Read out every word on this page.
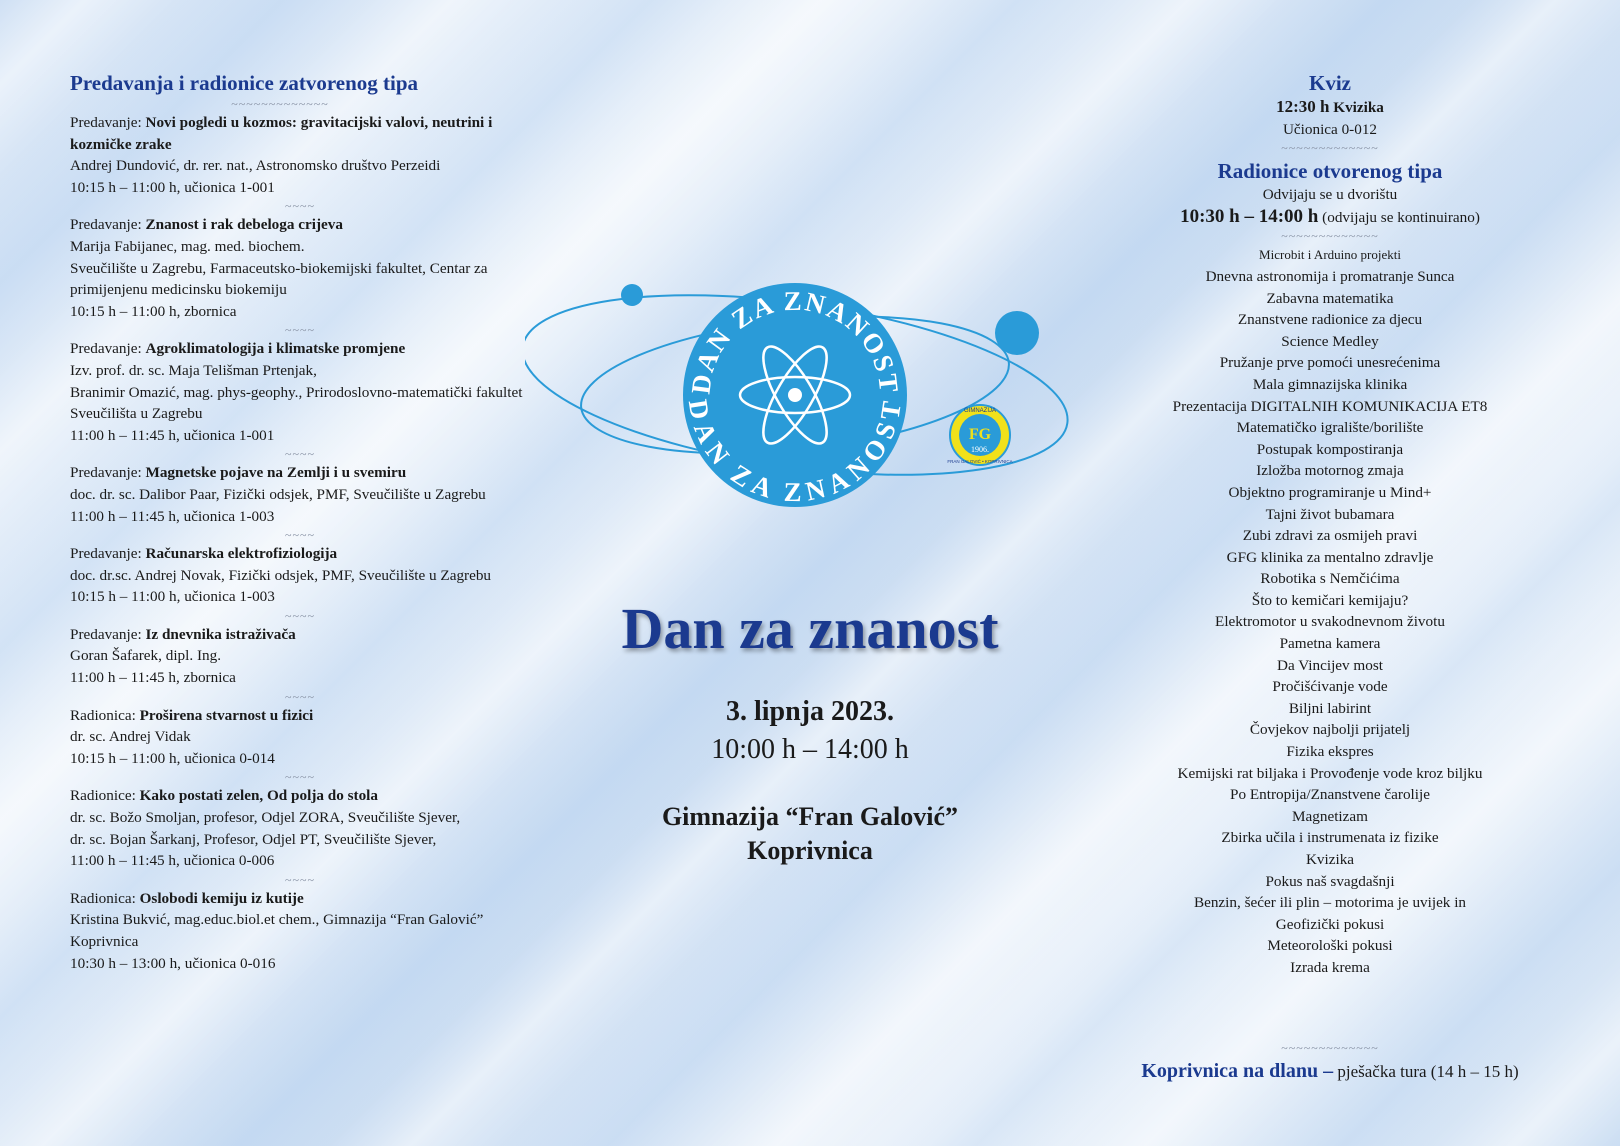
Predavanja i radionice zatvorenog tipa
~~~~~~~~~~~~~
Predavanje: Novi pogledi u kozmos: gravitacijski valovi, neutrini i kozmičke zrake
Andrej Dundović, dr. rer. nat., Astronomsko društvo Perzeidi
10:15 h – 11:00 h, učionica 1-001
~~~~
Predavanje: Znanost i rak debeloga crijeva
Marija Fabijanec, mag. med. biochem.
Sveučilište u Zagrebu, Farmaceutsko-biokemijski fakultet, Centar za primijenjenu medicinsku biokemiju
10:15 h – 11:00 h, zbornica
~~~~
Predavanje: Agroklimatologija i klimatske promjene
Izv. prof. dr. sc. Maja Telišman Prtenjak,
Branimir Omazić, mag. phys-geophy., Prirodoslovno-matematički fakultet Sveučilišta u Zagrebu
11:00 h – 11:45 h, učionica 1-001
~~~~
Predavanje: Magnetske pojave na Zemlji i u svemiru
doc. dr. sc. Dalibor Paar, Fizički odsjek, PMF, Sveučilište u Zagrebu
11:00 h – 11:45 h, učionica 1-003
~~~~
Predavanje: Računarska elektrofiziologija
doc. dr.sc. Andrej Novak, Fizički odsjek, PMF, Sveučilište u Zagrebu
10:15 h – 11:00 h, učionica 1-003
~~~~
Predavanje: Iz dnevnika istraživača
Goran Šafarek, dipl. Ing.
11:00 h – 11:45 h, zbornica
~~~~
Radionica: Proširena stvarnost u fizici
dr. sc. Andrej Vidak
10:15 h – 11:00 h, učionica 0-014
~~~~
Radionice: Kako postati zelen, Od polja do stola
dr. sc. Božo Smoljan, profesor, Odjel ZORA, Sveučilište Sjever,
dr. sc. Bojan Šarkanj, Profesor, Odjel PT, Sveučilište Sjever,
11:00 h – 11:45 h, učionica 0-006
~~~~
Radionica: Oslobodi kemiju iz kutije
Kristina Bukvić, mag.educ.biol.et chem., Gimnazija “Fran Galović” Koprivnica
10:30 h – 13:00 h, učionica 0-016
DAN ZA ZNANOST
DAN ZA ZNANOST
FG
1906.
GIMNAZIJA
FRAN GALOVIĆ • KOPRIVNICA
Dan za znanost
3. lipnja 2023.
10:00 h – 14:00 h
Gimnazija “Fran Galović”
Koprivnica
Kviz
12:30 h Kvizika
Učionica 0-012
~~~~~~~~~~~~~
Radionice otvorenog tipa
Odvijaju se u dvorištu
10:30 h – 14:00 h (odvijaju se kontinuirano)
~~~~~~~~~~~~~
Microbit i Arduino projekti
Dnevna astronomija i promatranje Sunca
Zabavna matematika
Znanstvene radionice za djecu
Science Medley
Pružanje prve pomoći unesrećenima
Mala gimnazijska klinika
Prezentacija DIGITALNIH KOMUNIKACIJA ET8
Matematičko igralište/borilište
Postupak kompostiranja
Izložba motornog zmaja
Objektno programiranje u Mind+
Tajni život bubamara
Zubi zdravi za osmijeh pravi
GFG klinika za mentalno zdravlje
Robotika s Nemčićima
Što to kemičari kemijaju?
Elektromotor u svakodnevnom životu
Pametna kamera
Da Vincijev most
Pročišćivanje vode
Biljni labirint
Čovjekov najbolji prijatelj
Fizika ekspres
Kemijski rat biljaka i Provođenje vode kroz biljku
Po Entropija/Znanstvene čarolije
Magnetizam
Zbirka učila i instrumenata iz fizike
Kvizika
Pokus naš svagdašnji
Benzin, šećer ili plin – motorima je uvijek in
Geofizički pokusi
Meteorološki pokusi
Izrada krema
~~~~~~~~~~~~~
Koprivnica na dlanu – pješačka tura (14 h – 15 h)
